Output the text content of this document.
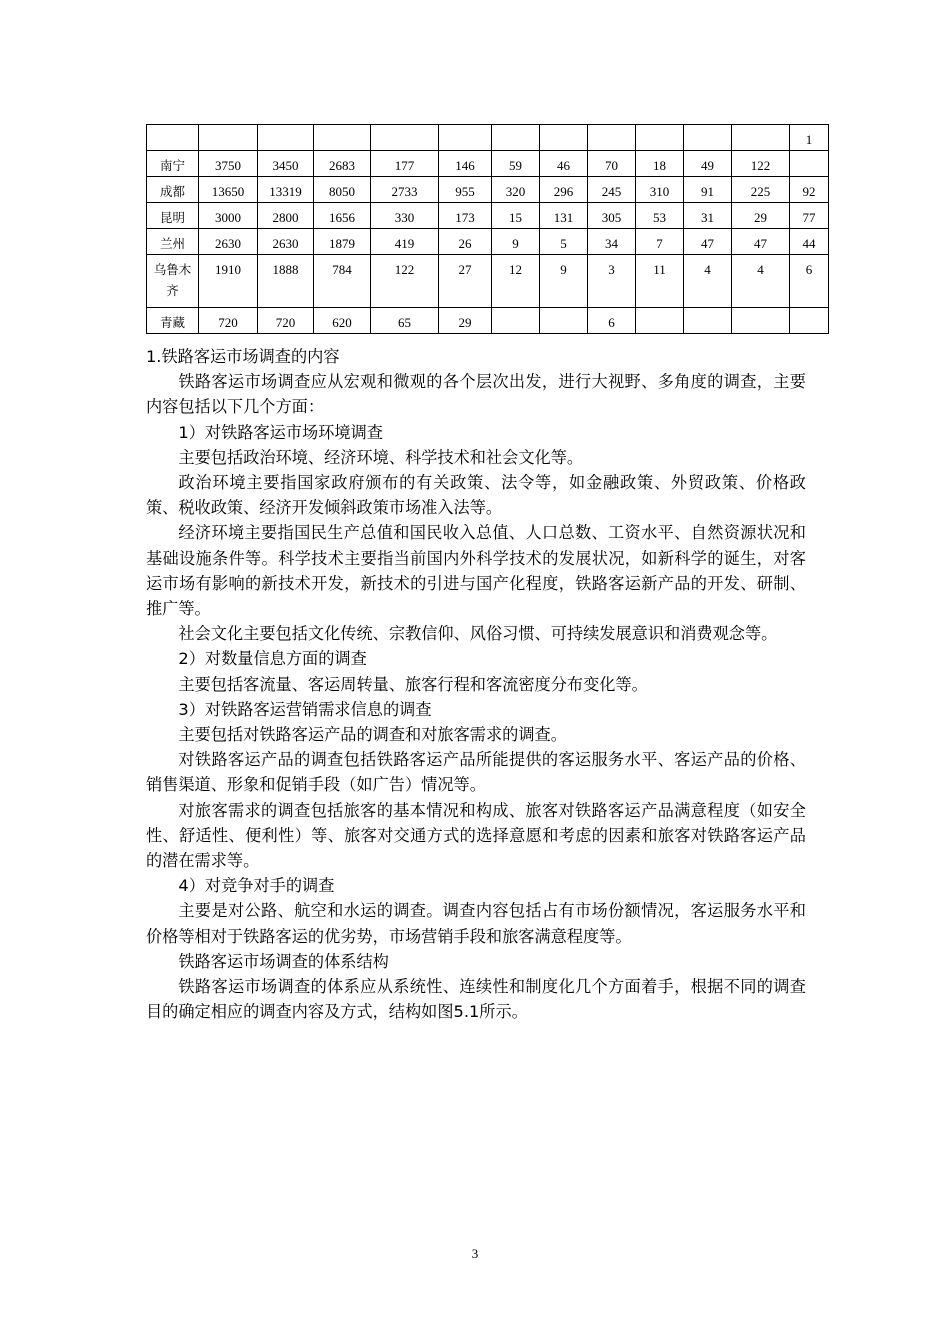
												1
南宁	3750	3450	2683	177	146	59	46	70	18	49	122	
成都	13650	13319	8050	2733	955	320	296	245	310	91	225	92
昆明	3000	2800	1656	330	173	15	131	305	53	31	29	77
兰州	2630	2630	1879	419	26	9	5	34	7	47	47	44
乌鲁木齐	1910	1888	784	122	27	12	9	3	11	4	4	6
青藏	720	720	620	65	29			6				

1.铁路客运市场调查的内容

铁路客运市场调查应从宏观和微观的各个层次出发，进行大视野、多角度的调查，主要内容包括以下几个方面：

1）对铁路客运市场环境调查

主要包括政治环境、经济环境、科学技术和社会文化等。

政治环境主要指国家政府颁布的有关政策、法令等，如金融政策、外贸政策、价格政策、税收政策、经济开发倾斜政策市场准入法等。

经济环境主要指国民生产总值和国民收入总值、人口总数、工资水平、自然资源状况和基础设施条件等。科学技术主要指当前国内外科学技术的发展状况，如新科学的诞生，对客运市场有影响的新技术开发，新技术的引进与国产化程度，铁路客运新产品的开发、研制、推广等。

社会文化主要包括文化传统、宗教信仰、风俗习惯、可持续发展意识和消费观念等。

2）对数量信息方面的调查

主要包括客流量、客运周转量、旅客行程和客流密度分布变化等。

3）对铁路客运营销需求信息的调查

主要包括对铁路客运产品的调查和对旅客需求的调查。

对铁路客运产品的调查包括铁路客运产品所能提供的客运服务水平、客运产品的价格、销售渠道、形象和促销手段（如广告）情况等。

对旅客需求的调查包括旅客的基本情况和构成、旅客对铁路客运产品满意程度（如安全性、舒适性、便利性）等、旅客对交通方式的选择意愿和考虑的因素和旅客对铁路客运产品的潜在需求等。

4）对竞争对手的调查

主要是对公路、航空和水运的调查。调查内容包括占有市场份额情况，客运服务水平和价格等相对于铁路客运的优劣势，市场营销手段和旅客满意程度等。

铁路客运市场调查的体系结构

铁路客运市场调查的体系应从系统性、连续性和制度化几个方面着手，根据不同的调查目的确定相应的调查内容及方式，结构如图5.1所示。

3
